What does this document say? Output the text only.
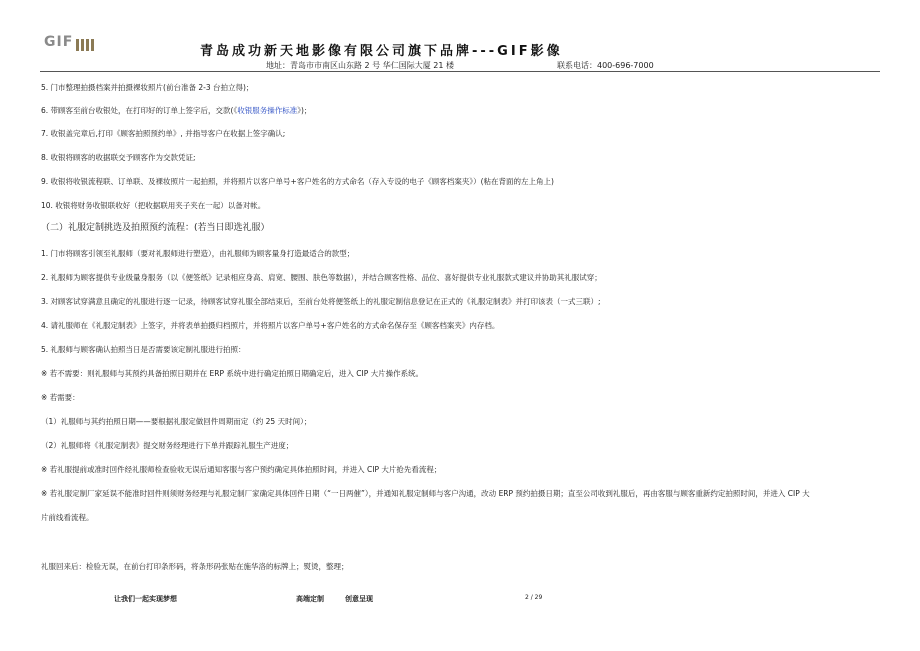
GIF
青岛成功新天地影像有限公司旗下品牌---GIF影像
地址：青岛市市南区山东路 2 号 华仁国际大厦 21 楼	联系电话：400-696-7000
5. 门市整理拍摄档案并拍摄裸妆照片(前台准备 2-3 台拍立得)；
6. 带顾客至前台收银处，在打印好的订单上签字后，交款(《收银服务操作标准》)；
7. 收银盖完章后,打印《顾客拍照预约单》, 并指导客户在收据上签字确认;
8. 收银将顾客的收据联交予顾客作为交款凭证;
9. 收银将收银流程联、订单联、及裸妆照片一起拍照，并将照片以客户单号+客户姓名的方式命名（存入专设的电子《顾客档案夹》）(粘在背面的左上角上)
10. 收银将财务收银联收好（把收据联用夹子夹在一起）以备对帐。
（二）礼服定制挑选及拍照预约流程：(若当日即选礼服）
1. 门市将顾客引领至礼服师（要对礼服师进行塑造），由礼服师为顾客量身打造最适合的款型；
2. 礼服师为顾客提供专业级量身服务（以《便签纸》记录相应身高、肩宽、腰围、肤色等数据），并结合顾客性格、品位、喜好提供专业礼服款式建议并协助其礼服试穿；
3. 对顾客试穿满意且确定的礼服进行逐一记录，待顾客试穿礼服全部结束后，至前台处将便签纸上的礼服定制信息登记在正式的《礼服定制表》并打印该表（一式三联）;
4. 请礼服师在《礼服定制表》上签字，并将表单拍摄归档照片，并将照片以客户单号+客户姓名的方式命名保存至《顾客档案夹》内存档。
5. 礼服师与顾客确认拍照当日是否需要该定制礼服进行拍照：
※ 若不需要：则礼服师与其预约具备拍照日期并在 ERP 系统中进行确定拍照日期确定后，进入 CIP 大片操作系统。
※ 若需要：
（1）礼服师与其约拍照日期——要根据礼服定做回件周期而定（约 25 天时间）；
（2）礼服师将《礼服定制表》提交财务经理进行下单并跟踪礼服生产进度；
※ 若礼服提前或准时回件经礼服师检查验收无误后通知客服与客户预约确定具体拍照时间，并进入 CIP 大片抢先看流程；
※ 若礼服定制厂家延误不能准时回件则须财务经理与礼服定制厂家确定具体回件日期（“一日两催”），并通知礼服定制师与客户沟通，改动 ERP 预约拍摄日期；直至公司收到礼服后，再由客服与顾客重新约定拍照时间，并进入 CIP 大
片前线看流程。
礼服回来后：检验无误，在前台打印条形码，将条形码张贴在施华洛的标牌上；熨烫，整理；
让我们一起实现梦想	高端定制	创意呈现	2 / 29
